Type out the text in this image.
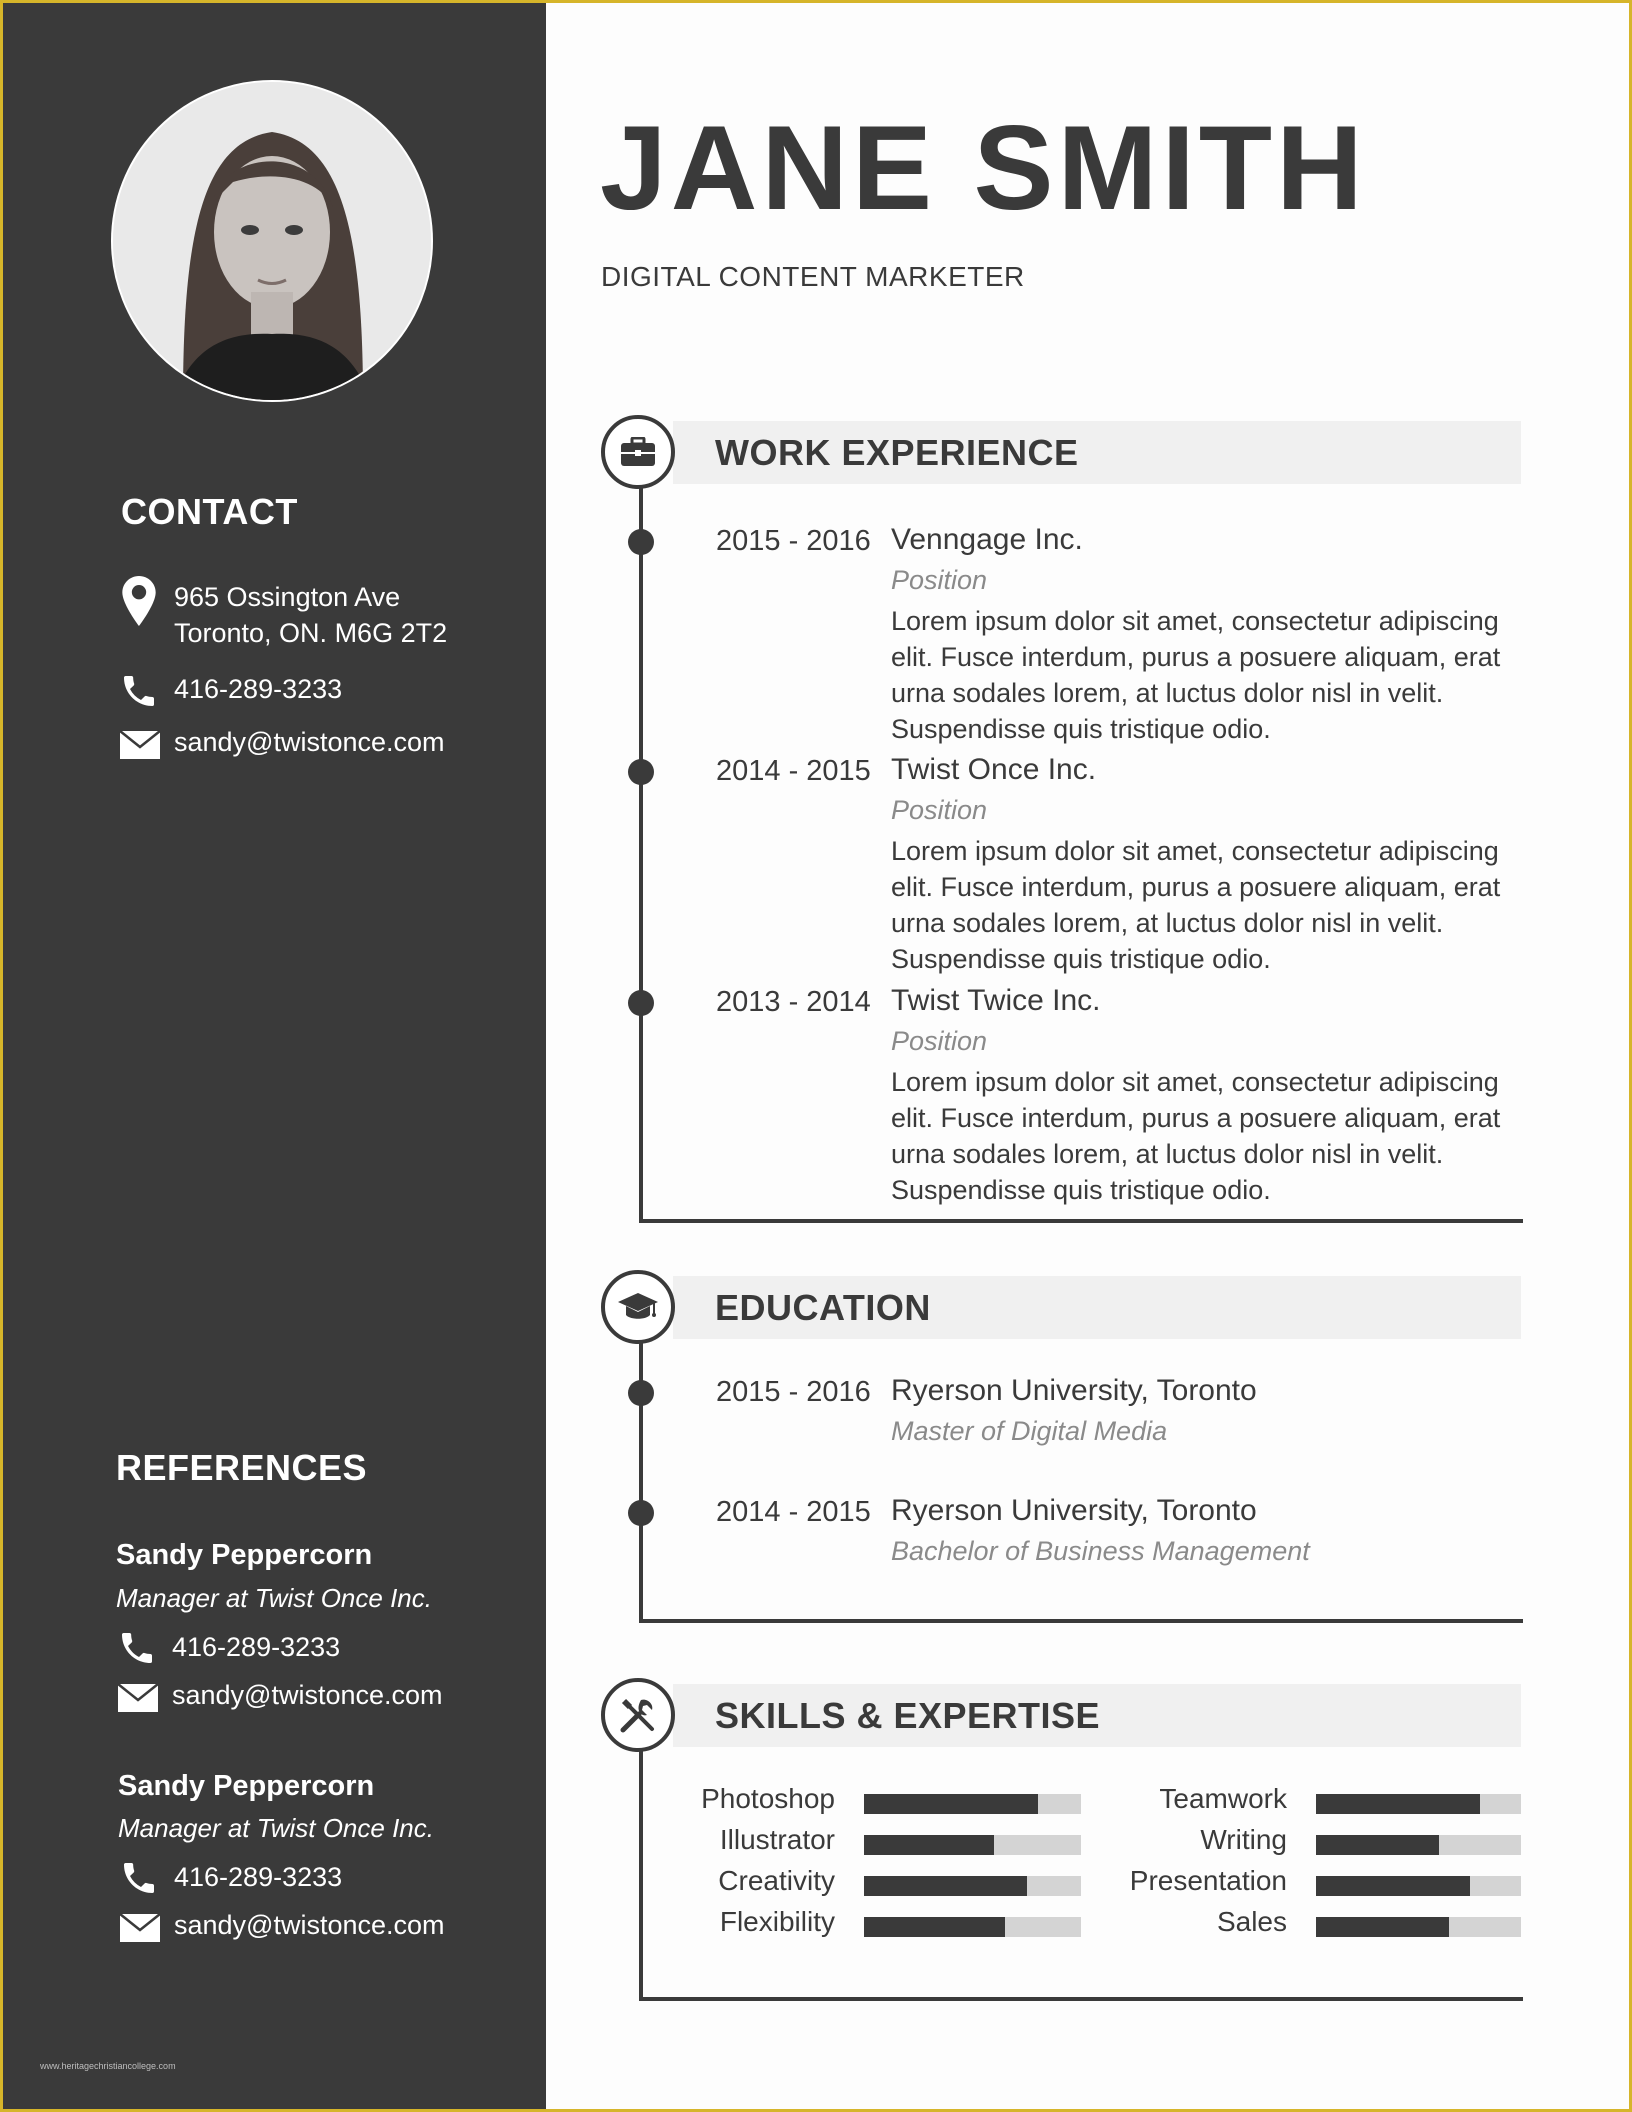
CONTACT
965 Ossington Ave
Toronto, ON. M6G 2T2
416-289-3233
sandy@twistonce.com
REFERENCES
Sandy Peppercorn
Manager at Twist Once Inc.
416-289-3233
sandy@twistonce.com
Sandy Peppercorn
Manager at Twist Once Inc.
416-289-3233
sandy@twistonce.com
www.heritagechristiancollege.com
JANE SMITH
DIGITAL CONTENT MARKETER
WORK EXPERIENCE
2015 - 2016 Venngage Inc.
Position
Lorem ipsum dolor sit amet, consectetur adipiscing elit. Fusce interdum, purus a posuere aliquam, erat urna sodales lorem, at luctus dolor nisl in velit. Suspendisse quis tristique odio.
2014 - 2015 Twist Once Inc.
Position
Lorem ipsum dolor sit amet, consectetur adipiscing elit. Fusce interdum, purus a posuere aliquam, erat urna sodales lorem, at luctus dolor nisl in velit. Suspendisse quis tristique odio.
2013 - 2014 Twist Twice Inc.
Position
Lorem ipsum dolor sit amet, consectetur adipiscing elit. Fusce interdum, purus a posuere aliquam, erat urna sodales lorem, at luctus dolor nisl in velit. Suspendisse quis tristique odio.
EDUCATION
2015 - 2016 Ryerson University, Toronto
Master of Digital Media
2014 - 2015 Ryerson University, Toronto
Bachelor of Business Management
SKILLS & EXPERTISE
Photoshop
Illustrator
Creativity
Flexibility
Teamwork
Writing
Presentation
Sales
